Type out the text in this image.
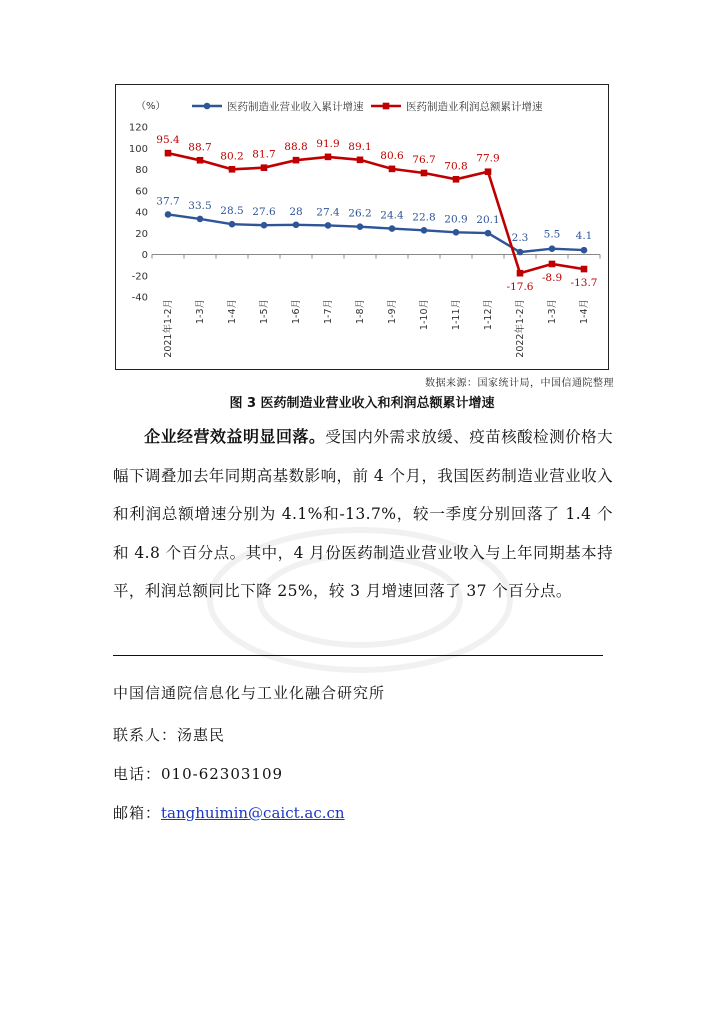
（%）
120
100
80
60
40
20
0
-20
-40
2021年1-2月 1-3月 1-4月 1-5月 1-6月 1-7月 1-8月 1-9月 1-10月 1-11月 1-12月 2022年1-2月 1-3月 1-4月
37.7 33.5 28.5 27.6 28 27.4 26.2 24.4 22.8 20.9 20.1
2.3 5.5 4.1
95.4
88.7
80.2 81.7
88.8 91.9 89.1
80.6 76.7
70.8
77.9
-17.6
-8.9 -13.7
医药制造业营业收入累计增速	医药制造业利润总额累计增速
数据来源：国家统计局，中国信通院整理
图 3 医药制造业营业收入和利润总额累计增速
企业经营效益明显回落。受国内外需求放缓、疫苗核酸检测价格大幅下调叠加去年同期高基数影响，前 4 个月，我国医药制造业营业收入和利润总额增速分别为 4.1%和-13.7%，较一季度分别回落了 1.4 个和 4.8 个百分点。其中，4 月份医药制造业营业收入与上年同期基本持平，利润总额同比下降 25%，较 3 月增速回落了 37 个百分点。
中国信通院信息化与工业化融合研究所
联系人：汤惠民
电话：010-62303109
邮箱：tanghuimin@caict.ac.cn
